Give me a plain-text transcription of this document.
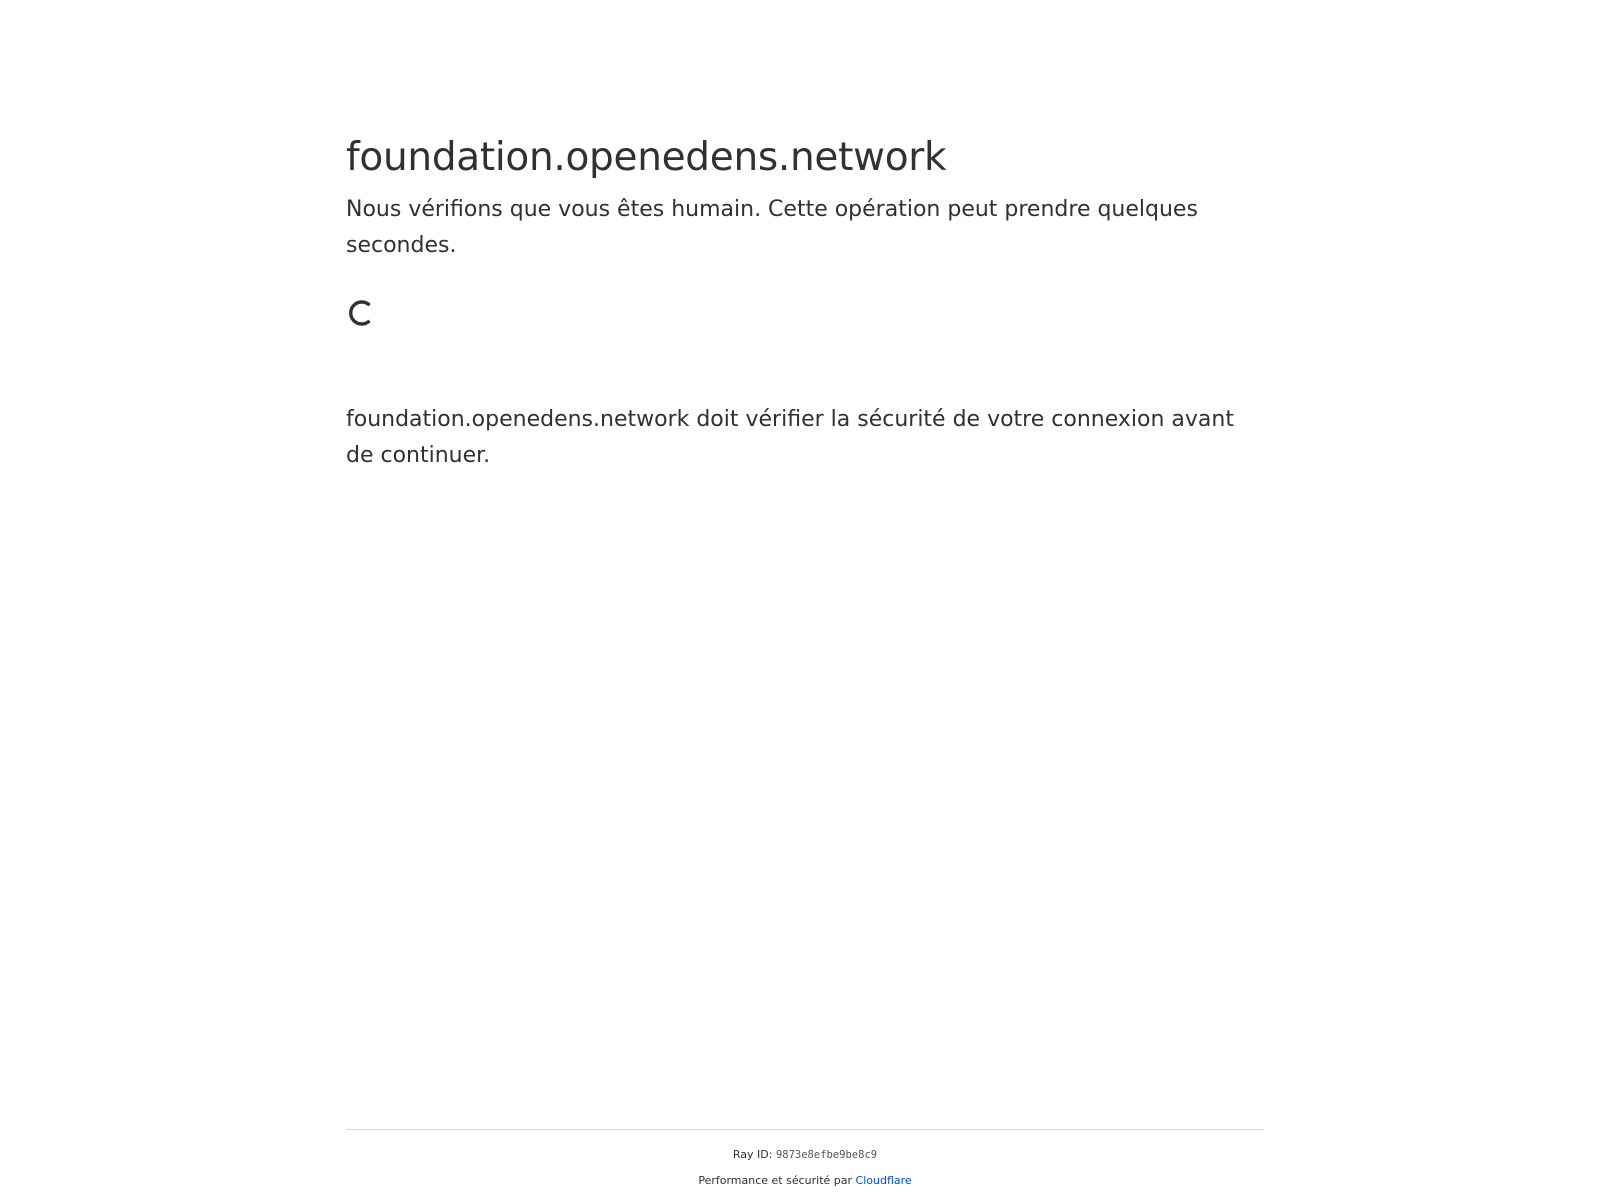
foundation.openedens.network

Nous vérifions que vous êtes humain. Cette opération peut prendre quelques secondes.

foundation.openedens.network doit vérifier la sécurité de votre connexion avant de continuer.

Ray ID: 9873e8efbe9be8c9
Performance et sécurité par Cloudflare
